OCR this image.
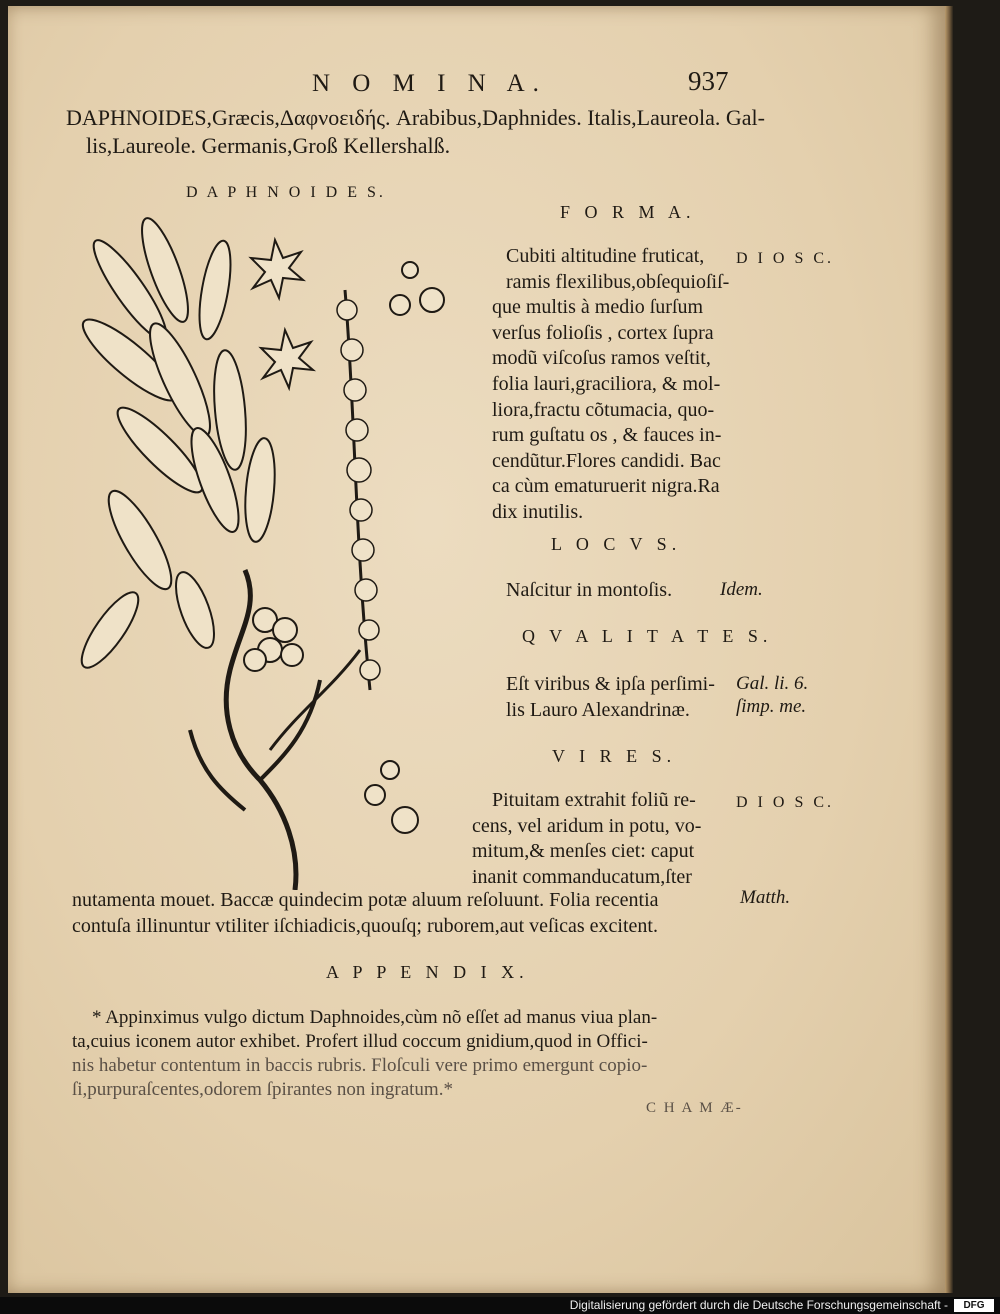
N O M I N A.	937
DAPHNOIDES,Græcis,Δαφνοειδής. Arabibus,Daphnides. Italis,Laureola. Gal-
lis,Laureole. Germanis,Groß Kellershalß.
D A P H N O I D E S.
F O R M A.
Cubiti altitudine fruticat,
ramis flexilibus,obſequioſiſ-
que multis à medio ſurſum
verſus folioſis , cortex ſupra
modũ viſcoſus ramos veſtit,
folia lauri,graciliora, & mol-
liora,fractu cõtumacia, quo-
rum guſtatu os , & fauces in-
cendũtur.Flores candidi. Bac
ca cùm ematuruerit nigra.Ra
dix inutilis.
D I O S C.
L O C V S.
Naſcitur in montoſis.	Idem.
Q V A L I T A T E S.
Eſt viribus & ipſa perſimi-
lis Lauro Alexandrinæ.
Gal. li. 6.
ſimp. me.
V I R E S.
Pituitam extrahit foliũ re-
cens, vel aridum in potu, vo-
mitum,& menſes ciet: caput
inanit commanducatum,ſter
D I O S C.
nutamenta mouet. Baccæ quindecim potæ aluum reſoluunt. Folia recentia
contuſa illinuntur vtiliter iſchiadicis,quouſq; ruborem,aut veſicas excitent.
Matth.
A P P E N D I X.
* Appinximus vulgo dictum Daphnoides,cùm nõ eſſet ad manus viua plan-
ta,cuius iconem autor exhibet. Profert illud coccum gnidium,quod in Offici-
nis habetur contentum in baccis rubris. Floſculi vere primo emergunt copio-
ſi,purpuraſcentes,odorem ſpirantes non ingratum.*
C H A M Æ-
Digitalisierung gefördert durch die Deutsche Forschungsgemeinschaft -	DFG
